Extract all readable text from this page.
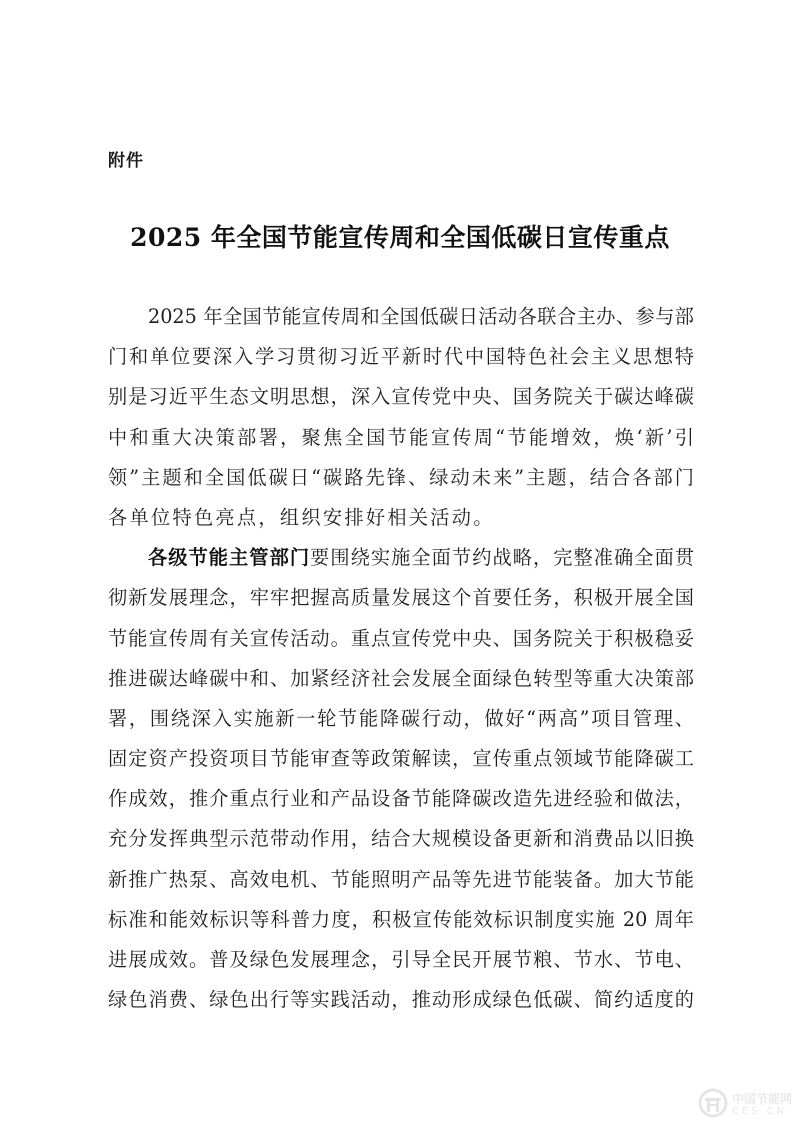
附件
2025 年全国节能宣传周和全国低碳日宣传重点
2025 年全国节能宣传周和全国低碳日活动各联合主办、参与部
门和单位要深入学习贯彻习近平新时代中国特色社会主义思想特
别是习近平生态文明思想，深入宣传党中央、国务院关于碳达峰碳
中和重大决策部署，聚焦全国节能宣传周“节能增效，焕‘新’引
领”主题和全国低碳日“碳路先锋、绿动未来”主题，结合各部门
各单位特色亮点，组织安排好相关活动。
各级节能主管部门要围绕实施全面节约战略，完整准确全面贯
彻新发展理念，牢牢把握高质量发展这个首要任务，积极开展全国
节能宣传周有关宣传活动。重点宣传党中央、国务院关于积极稳妥
推进碳达峰碳中和、加紧经济社会发展全面绿色转型等重大决策部
署，围绕深入实施新一轮节能降碳行动，做好“两高”项目管理、
固定资产投资项目节能审查等政策解读，宣传重点领域节能降碳工
作成效，推介重点行业和产品设备节能降碳改造先进经验和做法，
充分发挥典型示范带动作用，结合大规模设备更新和消费品以旧换
新推广热泵、高效电机、节能照明产品等先进节能装备。加大节能
标准和能效标识等科普力度，积极宣传能效标识制度实施 20 周年
进展成效。普及绿色发展理念，引导全民开展节粮、节水、节电、
绿色消费、绿色出行等实践活动，推动形成绿色低碳、简约适度的
中国节能网
CES.CN
